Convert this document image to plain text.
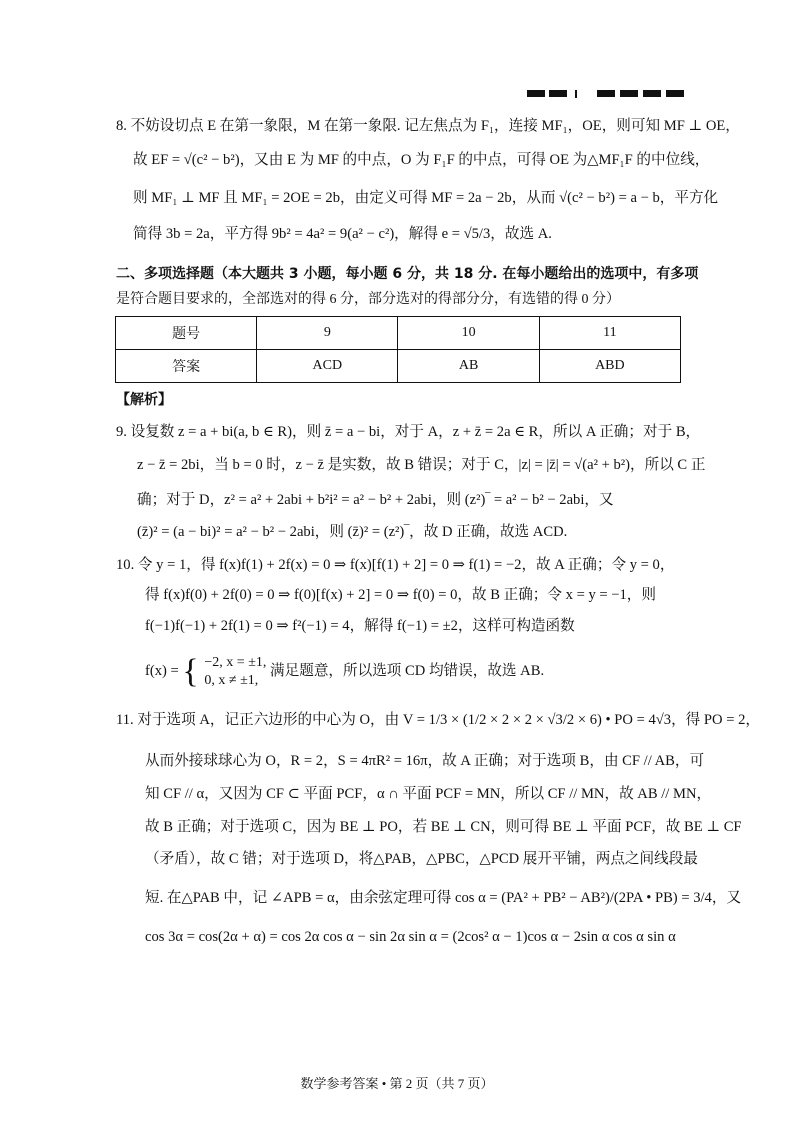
8. 不妨设切点 E 在第一象限，M 在第一象限. 记左焦点为 F₁，连接 MF₁，OE，则可知 MF ⊥ OE，
故 EF = √(c² − b²)，又由 E 为 MF 的中点，O 为 F₁F 的中点，可得 OE 为△MF₁F 的中位线，
则 MF₁ ⊥ MF 且 MF₁ = 2OE = 2b，由定义可得 MF = 2a − 2b，从而 √(c² − b²) = a − b，平方化
简得 3b = 2a，平方得 9b² = 4a² = 9(a² − c²)，解得 e = √5/3，故选 A.
二、多项选择题（本大题共 3 小题，每小题 6 分，共 18 分. 在每小题给出的选项中，有多项
是符合题目要求的，全部选对的得 6 分，部分选对的得部分分，有选错的得 0 分）
题号	9	10	11
答案	ACD	AB	ABD
【解析】
9. 设复数 z = a + bi(a, b ∈ R)，则 z̄ = a − bi，对于 A，z + z̄ = 2a ∈ R，所以 A 正确；对于 B，
z − z̄ = 2bi，当 b = 0 时，z − z̄ 是实数，故 B 错误；对于 C，|z| = |z̄| = √(a² + b²)，所以 C 正
确；对于 D，z² = a² + 2abi + b²i² = a² − b² + 2abi，则 (z²)‾ = a² − b² − 2abi，又
(z̄)² = (a − bi)² = a² − b² − 2abi，则 (z̄)² = (z²)‾，故 D 正确，故选 ACD.
10. 令 y = 1，得 f(x)f(1) + 2f(x) = 0 ⇒ f(x)[f(1) + 2] = 0 ⇒ f(1) = −2，故 A 正确；令 y = 0，
得 f(x)f(0) + 2f(0) = 0 ⇒ f(0)[f(x) + 2] = 0 ⇒ f(0) = 0，故 B 正确；令 x = y = −1，则
f(−1)f(−1) + 2f(1) = 0 ⇒ f²(−1) = 4，解得 f(−1) = ±2，这样可构造函数
f(x) = { −2, x = ±1,
0, x ≠ ±1,
满足题意，所以选项 CD 均错误，故选 AB.
11. 对于选项 A，记正六边形的中心为 O，由 V = 1/3 × (1/2 × 2 × 2 × √3/2 × 6) • PO = 4√3，得 PO = 2，
从而外接球球心为 O，R = 2，S = 4πR² = 16π，故 A 正确；对于选项 B，由 CF // AB，可
知 CF // α，又因为 CF ⊂ 平面 PCF，α ∩ 平面 PCF = MN，所以 CF // MN，故 AB // MN，
故 B 正确；对于选项 C，因为 BE ⊥ PO，若 BE ⊥ CN，则可得 BE ⊥ 平面 PCF，故 BE ⊥ CF
（矛盾），故 C 错；对于选项 D，将△PAB，△PBC，△PCD 展开平铺，两点之间线段最
短. 在△PAB 中，记 ∠APB = α，由余弦定理可得 cos α = (PA² + PB² − AB²)/(2PA • PB) = 3/4，又
cos 3α = cos(2α + α) = cos 2α cos α − sin 2α sin α = (2cos² α − 1)cos α − 2sin α cos α sin α
数学参考答案 • 第 2 页（共 7 页）
